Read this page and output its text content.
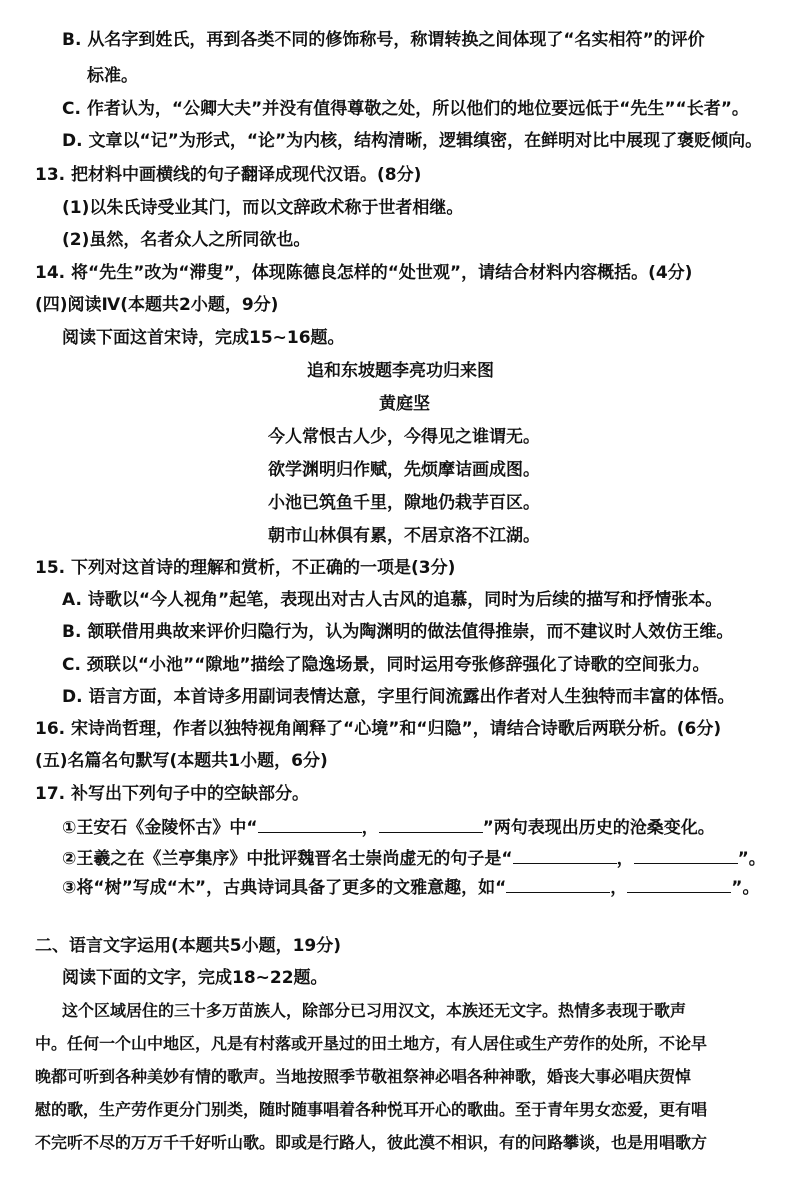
B. 从名字到姓氏，再到各类不同的修饰称号，称谓转换之间体现了“名实相符”的评价
标准。
C. 作者认为，“公卿大夫”并没有值得尊敬之处，所以他们的地位要远低于“先生”“长者”。
D. 文章以“记”为形式，“论”为内核，结构清晰，逻辑缜密，在鲜明对比中展现了褒贬倾向。
13. 把材料中画横线的句子翻译成现代汉语。(8分)
(1)以朱氏诗受业其门，而以文辞政术称于世者相继。
(2)虽然，名者众人之所同欲也。
14. 将“先生”改为“滞叟”，体现陈德良怎样的“处世观”，请结合材料内容概括。(4分)
(四)阅读Ⅳ(本题共2小题，9分)
阅读下面这首宋诗，完成15~16题。
追和东坡题李亮功归来图
黄庭坚
今人常恨古人少，今得见之谁谓无。
欲学渊明归作赋，先烦摩诘画成图。
小池已筑鱼千里，隙地仍栽芋百区。
朝市山林俱有累，不居京洛不江湖。
15. 下列对这首诗的理解和赏析，不正确的一项是(3分)
A. 诗歌以“今人视角”起笔，表现出对古人古风的追慕，同时为后续的描写和抒情张本。
B. 颔联借用典故来评价归隐行为，认为陶渊明的做法值得推崇，而不建议时人效仿王维。
C. 颈联以“小池”“隙地”描绘了隐逸场景，同时运用夸张修辞强化了诗歌的空间张力。
D. 语言方面，本首诗多用副词表情达意，字里行间流露出作者对人生独特而丰富的体悟。
16. 宋诗尚哲理，作者以独特视角阐释了“心境”和“归隐”，请结合诗歌后两联分析。(6分)
(五)名篇名句默写(本题共1小题，6分)
17. 补写出下列句子中的空缺部分。
①王安石《金陵怀古》中“	，	”两句表现出历史的沧桑变化。
②王羲之在《兰亭集序》中批评魏晋名士崇尚虚无的句子是“	，	”。
③将“树”写成“木”，古典诗词具备了更多的文雅意趣，如“	，	”。
二、语言文字运用(本题共5小题，19分)
阅读下面的文字，完成18~22题。
这个区域居住的三十多万苗族人，除部分已习用汉文，本族还无文字。热情多表现于歌声
中。任何一个山中地区，凡是有村落或开垦过的田土地方，有人居住或生产劳作的处所，不论早
晚都可听到各种美妙有情的歌声。当地按照季节敬祖祭神必唱各种神歌，婚丧大事必唱庆贺悼
慰的歌，生产劳作更分门别类，随时随事唱着各种悦耳开心的歌曲。至于青年男女恋爱，更有唱
不完听不尽的万万千千好听山歌。即或是行路人，彼此漠不相识，有的问路攀谈，也是用唱歌方
